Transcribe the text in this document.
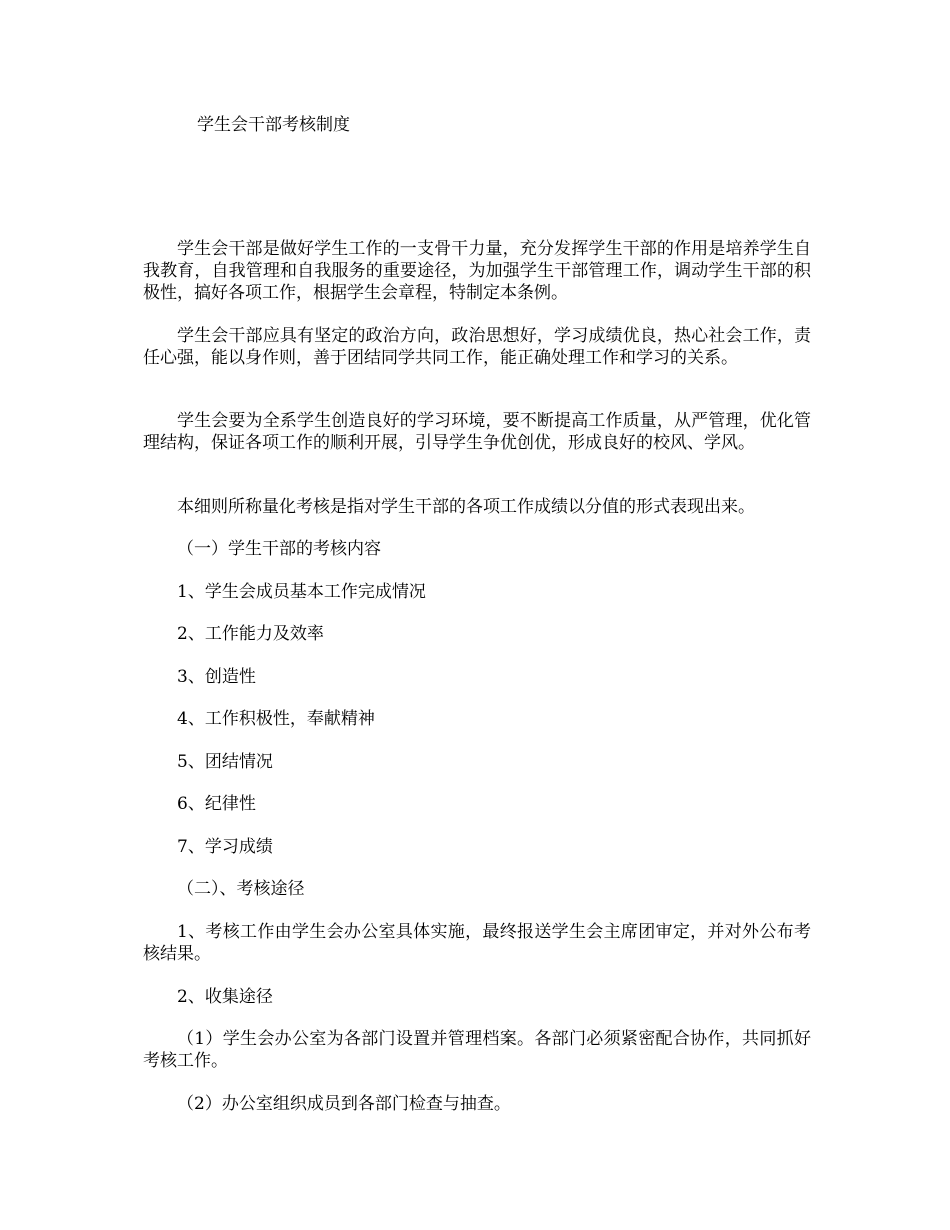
学生会干部考核制度

学生会干部是做好学生工作的一支骨干力量，充分发挥学生干部的作用是培养学生自我教育，自我管理和自我服务的重要途径，为加强学生干部管理工作，调动学生干部的积极性，搞好各项工作，根据学生会章程，特制定本条例。

学生会干部应具有坚定的政治方向，政治思想好，学习成绩优良，热心社会工作，责任心强，能以身作则，善于团结同学共同工作，能正确处理工作和学习的关系。

学生会要为全系学生创造良好的学习环境，要不断提高工作质量，从严管理，优化管理结构，保证各项工作的顺利开展，引导学生争优创优，形成良好的校风、学风。

本细则所称量化考核是指对学生干部的各项工作成绩以分值的形式表现出来。

（一）学生干部的考核内容

1、学生会成员基本工作完成情况

2、工作能力及效率

3、创造性

4、工作积极性，奉献精神

5、团结情况

6、纪律性

7、学习成绩

（二）、考核途径

1、考核工作由学生会办公室具体实施，最终报送学生会主席团审定，并对外公布考核结果。

2、收集途径

（1）学生会办公室为各部门设置并管理档案。各部门必须紧密配合协作，共同抓好考核工作。

（2）办公室组织成员到各部门检查与抽查。
